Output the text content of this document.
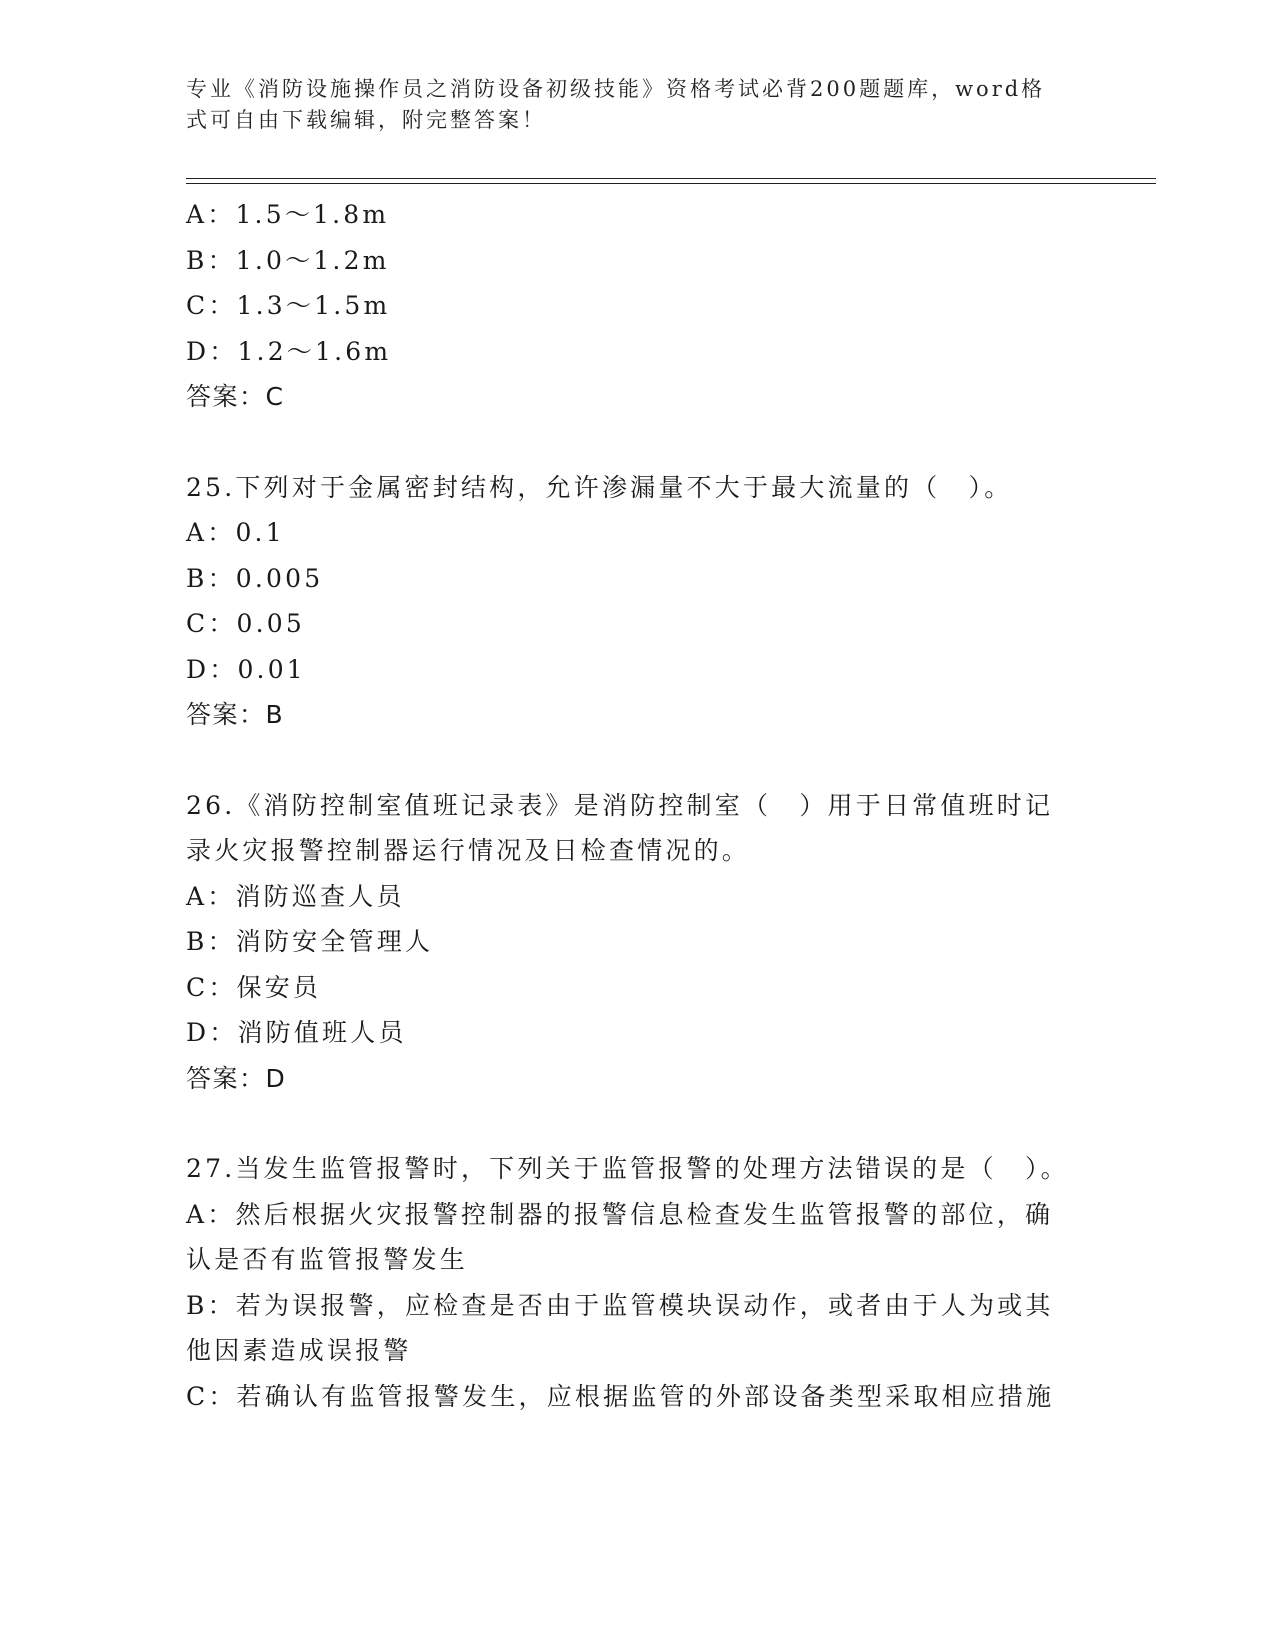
专业《消防设施操作员之消防设备初级技能》资格考试必背200题题库，word格式可自由下载编辑，附完整答案！
A：1.5～1.8m
B：1.0～1.2m
C：1.3～1.5m
D：1.2～1.6m
答案：C
25.下列对于金属密封结构，允许渗漏量不大于最大流量的（　）。
A：0.1
B：0.005
C：0.05
D：0.01
答案：B
26.《消防控制室值班记录表》是消防控制室（　）用于日常值班时记录火灾报警控制器运行情况及日检查情况的。
A：消防巡查人员
B：消防安全管理人
C：保安员
D：消防值班人员
答案：D
27.当发生监管报警时，下列关于监管报警的处理方法错误的是（　）。
A：然后根据火灾报警控制器的报警信息检查发生监管报警的部位，确认是否有监管报警发生
B：若为误报警，应检查是否由于监管模块误动作，或者由于人为或其他因素造成误报警
C：若确认有监管报警发生，应根据监管的外部设备类型采取相应措施
